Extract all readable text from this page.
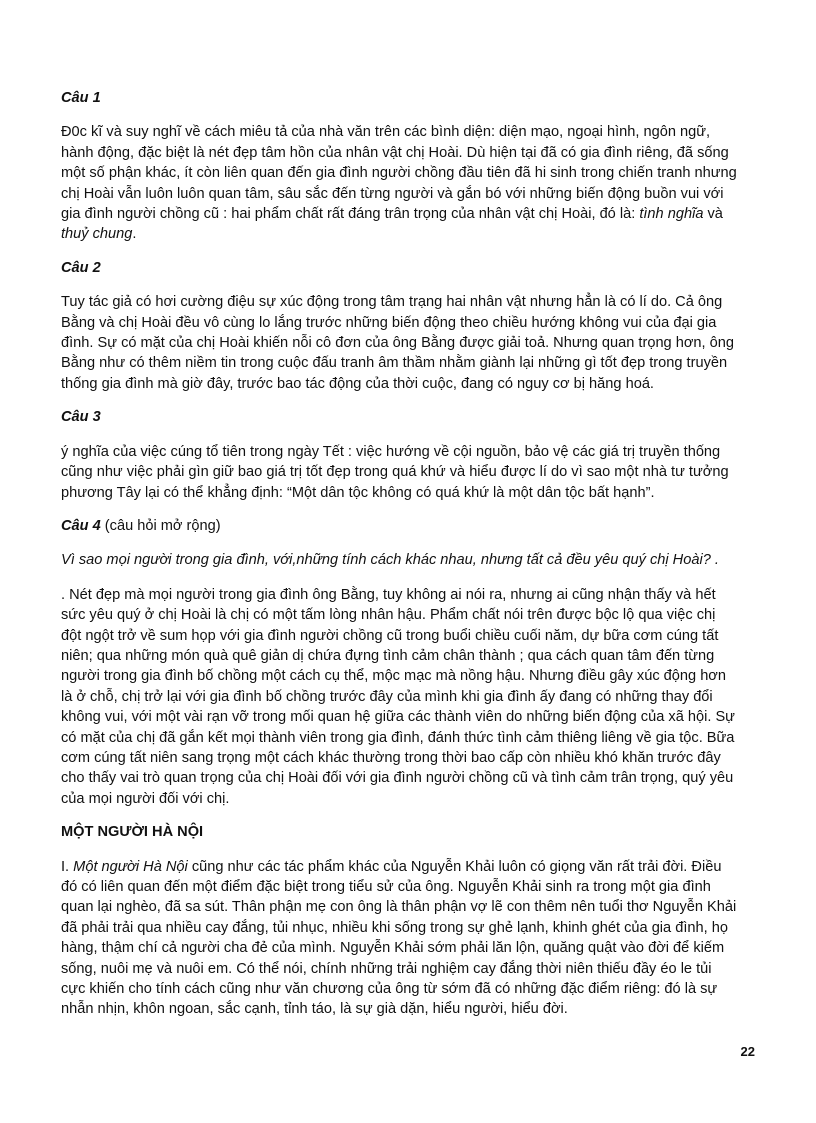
Câu 1

Đ0c kĩ và suy nghĩ về cách miêu tả của nhà văn trên các bình diện: diện mạo, ngoại hình, ngôn ngữ, hành động, đặc biệt là nét đẹp tâm hồn của nhân vật chị Hoài. Dù hiện tại đã có gia đình riêng, đã sống một số phận khác, ít còn liên quan đến gia đình người chồng đầu tiên đã hi sinh trong chiến tranh nhưng chị Hoài vẫn luôn luôn quan tâm, sâu sắc đến từng người và gắn bó với những biến động buồn vui với gia đình người chồng cũ : hai phẩm chất rất đáng trân trọng của nhân vật chị Hoài, đó là: tình nghĩa và thuỷ chung.

Câu 2

Tuy tác giả có hơi cường điệu sự xúc động trong tâm trạng hai nhân vật nhưng hẳn là có lí do. Cả ông Bằng và chị Hoài đều vô cùng lo lắng trước những biến động theo chiều hướng không vui của đại gia đình. Sự có mặt của chị Hoài khiến nỗi cô đơn của ông Bằng được giải toả. Nhưng quan trọng hơn, ông Bằng như có thêm niềm tin trong cuộc đấu tranh âm thầm nhằm giành lại những gì tốt đẹp trong truyền thống gia đình mà giờ đây, trước bao tác động của thời cuộc, đang có nguy cơ bị hăng hoá.

Câu 3

ý nghĩa của việc cúng tổ tiên trong ngày Tết : việc hướng về cội nguồn, bảo vệ các giá trị truyền thống cũng như việc phải gìn giữ bao giá trị tốt đẹp trong quá khứ và hiểu được lí do vì sao một nhà tư tưởng phương Tây lại có thể khẳng định: “Một dân tộc không có quá khứ là một dân tộc bất hạnh”.

Câu 4 (câu hỏi mở rộng)

Vì sao mọi người trong gia đình, với,những tính cách khác nhau, nhưng tất cả đều yêu quý chị Hoài? .

. Nét đẹp mà mọi người trong gia đình ông Bằng, tuy không ai nói ra, nhưng ai cũng nhận thấy và hết sức yêu quý ở chị Hoài là chị có một tấm lòng nhân hậu. Phẩm chất nói trên được bộc lộ qua việc chị đột ngột trở về sum họp với gia đình người chồng cũ trong buổi chiều cuối năm, dự bữa cơm cúng tất niên; qua những món quà quê giản dị chứa đựng tình cảm chân thành ; qua cách quan tâm đến từng người trong gia đình bố chồng một cách cụ thể, mộc mạc mà nồng hậu. Nhưng điều gây xúc động hơn là ở chỗ, chị trở lại với gia đình bố chồng trước đây của mình khi gia đình ấy đang có những thay đổi không vui, với một vài rạn vỡ trong mối quan hệ giữa các thành viên do những biến động của xã hội. Sự có mặt của chị đã gắn kết mọi thành viên trong gia đình, đánh thức tình cảm thiêng liêng về gia tộc. Bữa cơm cúng tất niên sang trọng một cách khác thường trong thời bao cấp còn nhiều khó khăn trước đây cho thấy vai trò quan trọng của chị Hoài đối với gia đình người chồng cũ và tình cảm trân trọng, quý yêu của mọi người đối với chị.

MỘT NGƯỜI HÀ NỘI

I. Một người Hà Nội cũng như các tác phẩm khác của Nguyễn Khải luôn có giọng văn rất trải đời. Điều đó có liên quan đến một điểm đặc biệt trong tiểu sử của ông. Nguyễn Khải sinh ra trong một gia đình quan lại nghèo, đã sa sút. Thân phận mẹ con ông là thân phận vợ lẽ con thêm nên tuổi thơ Nguyễn Khải đã phải trải qua nhiều cay đắng, tủi nhục, nhiều khi sống trong sự ghẻ lạnh, khinh ghét của gia đình, họ hàng, thậm chí cả người cha đẻ của mình. Nguyễn Khải sớm phải lăn lộn, quăng quật vào đời để kiếm sống, nuôi mẹ và nuôi em. Có thể nói, chính những trải nghiệm cay đắng thời niên thiếu đầy éo le tủi cực khiến cho tính cách cũng như văn chương của ông từ sớm đã có những đặc điểm riêng: đó là sự nhẫn nhịn, khôn ngoan, sắc cạnh, tỉnh táo, là sự già dặn, hiểu người, hiểu đời.

22
